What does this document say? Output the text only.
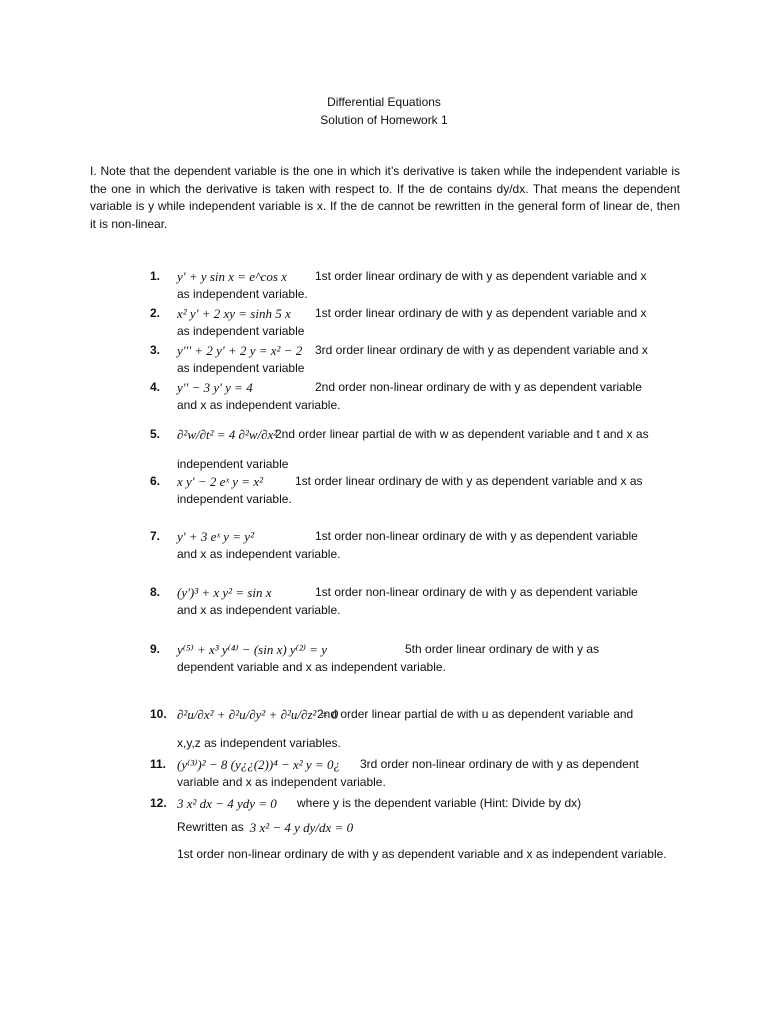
Differential Equations
Solution of Homework 1

I. Note that the dependent variable is the one in which it’s derivative is taken while the independent variable is the one in which the derivative is taken with respect to. If the de contains dy/dx. That means the dependent variable is y while independent variable is x. If the de cannot be rewritten in the general form of linear de, then it is non-linear.

1. y' + y sin x = e^cos x	1st order linear ordinary de with y as dependent variable and x
as independent variable.
2. x² y' + 2 xy = sinh 5 x	1st order linear ordinary de with y as dependent variable and x
as independent variable
3. y''' + 2 y' + 2 y = x² − 2	3rd order linear ordinary de with y as dependent variable and x
as independent variable
4. y'' − 3 y' y = 4	2nd order non-linear ordinary de with y as dependent variable
and x as independent variable.
5. ∂²w/∂t² = 4 ∂²w/∂x²
2nd order linear partial de with w as dependent variable and t and x as
independent variable
6. x y' − 2 eˣ y = x²	1st order linear ordinary de with y as dependent variable and x as
independent variable.
7. y' + 3 eˣ y = y²	1st order non-linear ordinary de with y as dependent variable
and x as independent variable.
8. (y')³ + x y² = sin x	1st order non-linear ordinary de with y as dependent variable
and x as independent variable.
9. y⁽⁵⁾ + x³ y⁽⁴⁾ − (sin x) y⁽²⁾ = y	5th order linear ordinary de with y as
dependent variable and x as independent variable.
10. ∂²u/∂x² + ∂²u/∂y² + ∂²u/∂z² = 0
2nd order linear partial de with u as dependent variable and
x,y,z as independent variables.
11. (y⁽³⁾)² − 8 (y¿¿(2))⁴ − x² y = 0¿	3rd order non-linear ordinary de with y as dependent
variable and x as independent variable.
12. 3 x² dx − 4 ydy = 0	where y is the dependent variable (Hint: Divide by dx)
Rewritten as 3 x² − 4 y dy/dx = 0
1st order non-linear ordinary de with y as dependent variable and x as independent variable.
